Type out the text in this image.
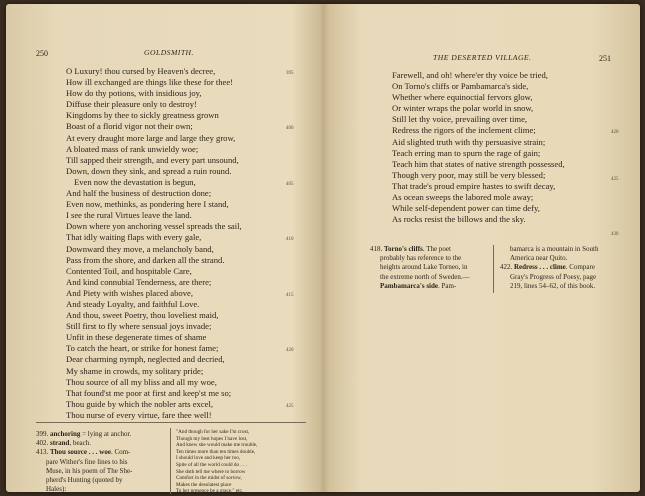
250	GOLDSMITH.
O Luxury! thou cursed by Heaven's decree,
How ill exchanged are things like these for thee!
How do thy potions, with insidious joy,
Diffuse their pleasure only to destroy!
Kingdoms by thee to sickly greatness grown
Boast of a florid vigor not their own;
At every draught more large and large they grow,
A bloated mass of rank unwieldy woe;
Till sapped their strength, and every part unsound,
Down, down they sink, and spread a ruin round.
Even now the devastation is begun,
And half the business of destruction done;
Even now, methinks, as pondering here I stand,
I see the rural Virtues leave the land.
Down where yon anchoring vessel spreads the sail,
That idly waiting flaps with every gale,
Downward they move, a melancholy band,
Pass from the shore, and darken all the strand.
Contented Toil, and hospitable Care,
And kind connubial Tenderness, are there;
And Piety with wishes placed above,
And steady Loyalty, and faithful Love.
And thou, sweet Poetry, thou loveliest maid,
Still first to fly where sensual joys invade;
Unfit in these degenerate times of shame
To catch the heart, or strike for honest fame;
Dear charming nymph, neglected and decried,
My shame in crowds, my solitary pride;
Thou source of all my bliss and all my woe,
That found'st me poor at first and keep'st me so;
Thou guide by which the nobler arts excel,
Thou nurse of every virtue, fare thee well!
395
400
405
410
415
420
425
399. anchoring = lying at anchor.
402. strand, beach.
413. Thou source . . . woe. Com-
pare Wither's fine lines to his
Muse, in his poem of The She-
pherd's Hunting (quoted by
Hales):
"And though for her sake I'm crost,
Though my best hopes I have lost,
And knew she would make me trouble,
Ten times more than ten times double,
I should love and keep her too,
Spite of all the world could do . . .
She doth tell me where to borrow
Comfort in the midst of sorrow,
Makes the desolatest place
To her presence be a grace," etc.
THE DESERTED VILLAGE.	251
Farewell, and oh! where'er thy voice be tried,
On Torno's cliffs or Pambamarca's side,
Whether where equinoctial fervors glow,
Or winter wraps the polar world in snow,
Still let thy voice, prevailing over time,
Redress the rigors of the inclement clime;
Aid slighted truth with thy persuasive strain;
Teach erring man to spurn the rage of gain;
Teach him that states of native strength possessed,
Though very poor, may still be very blessed;
That trade's proud empire hastes to swift decay,
As ocean sweeps the labored mole away;
While self-dependent power can time defy,
As rocks resist the billows and the sky.
420
425
430
418. Torno's cliffs. The poet
probably has reference to the
heights around Lake Torneo, in
the extreme north of Sweden.—
Pambamarca's side. Pam-
bamarca is a mountain in South
America near Quito.
422. Redress . . . clime. Compare
Gray's Progress of Poesy, page
219, lines 54–62, of this book.
